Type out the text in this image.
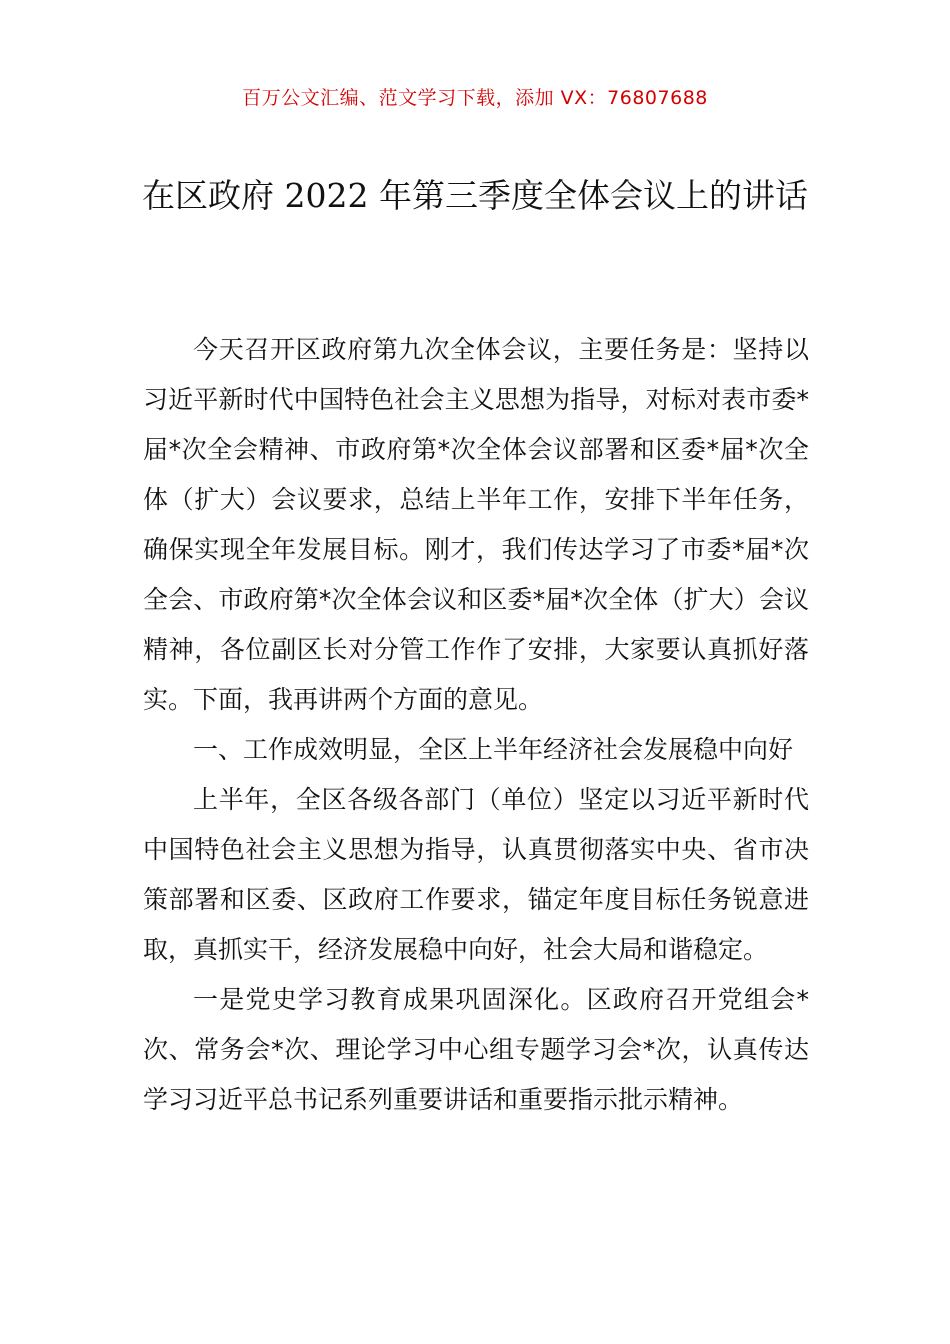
百万公文汇编、范文学习下载，添加 VX：76807688
在区政府 2022 年第三季度全体会议上的讲话

今天召开区政府第九次全体会议，主要任务是：坚持以习近平新时代中国特色社会主义思想为指导，对标对表市委*届*次全会精神、市政府第*次全体会议部署和区委*届*次全体（扩大）会议要求，总结上半年工作，安排下半年任务，确保实现全年发展目标。刚才，我们传达学习了市委*届*次全会、市政府第*次全体会议和区委*届*次全体（扩大）会议精神，各位副区长对分管工作作了安排，大家要认真抓好落实。下面，我再讲两个方面的意见。

一、工作成效明显，全区上半年经济社会发展稳中向好

上半年，全区各级各部门（单位）坚定以习近平新时代中国特色社会主义思想为指导，认真贯彻落实中央、省市决策部署和区委、区政府工作要求，锚定年度目标任务锐意进取，真抓实干，经济发展稳中向好，社会大局和谐稳定。

一是党史学习教育成果巩固深化。区政府召开党组会*次、常务会*次、理论学习中心组专题学习会*次，认真传达学习习近平总书记系列重要讲话和重要指示批示精神。
